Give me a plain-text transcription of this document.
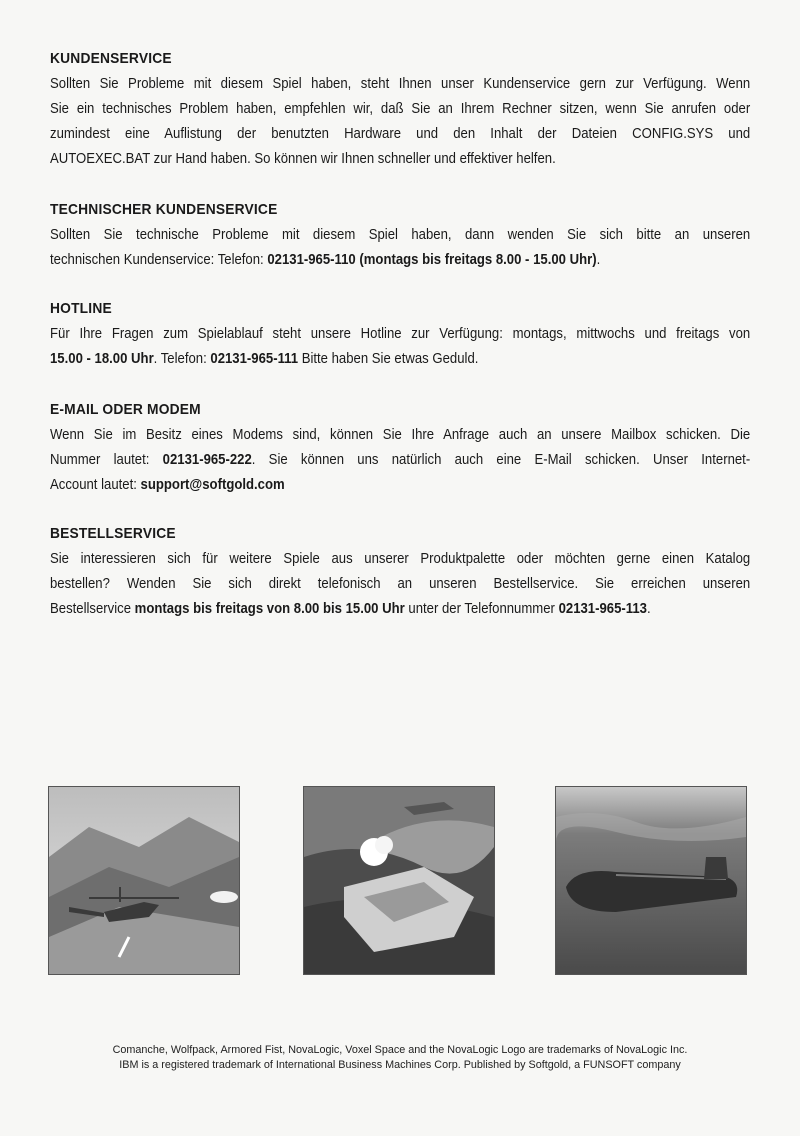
KUNDENSERVICE
Sollten Sie Probleme mit diesem Spiel haben, steht Ihnen unser Kundenservice gern zur Verfügung. Wenn
Sie ein technisches Problem haben, empfehlen wir, daß Sie an Ihrem Rechner sitzen, wenn Sie anrufen oder
zumindest eine Auflistung der benutzten Hardware und den Inhalt der Dateien CONFIG.SYS und
AUTOEXEC.BAT zur Hand haben. So können wir Ihnen schneller und effektiver helfen.
TECHNISCHER KUNDENSERVICE
Sollten Sie technische Probleme mit diesem Spiel haben, dann wenden Sie sich bitte an unseren
technischen Kundenservice: Telefon: 02131-965-110 (montags bis freitags 8.00 - 15.00 Uhr).
HOTLINE
Für Ihre Fragen zum Spielablauf steht unsere Hotline zur Verfügung: montags, mittwochs und freitags von
15.00 - 18.00 Uhr. Telefon: 02131-965-111 Bitte haben Sie etwas Geduld.
E-MAIL ODER MODEM
Wenn Sie im Besitz eines Modems sind, können Sie Ihre Anfrage auch an unsere Mailbox schicken. Die
Nummer lautet: 02131-965-222. Sie können uns natürlich auch eine E-Mail schicken. Unser Internet-
Account lautet: support@softgold.com
BESTELLSERVICE
Sie interessieren sich für weitere Spiele aus unserer Produktpalette oder möchten gerne einen Katalog
bestellen? Wenden Sie sich direkt telefonisch an unseren Bestellservice. Sie erreichen unseren
Bestellservice montags bis freitags von 8.00 bis 15.00 Uhr unter der Telefonnummer 02131-965-113.
Comanche, Wolfpack, Armored Fist, NovaLogic, Voxel Space and the NovaLogic Logo are trademarks of NovaLogic Inc.
IBM is a registered trademark of International Business Machines Corp. Published by Softgold, a FUNSOFT company
